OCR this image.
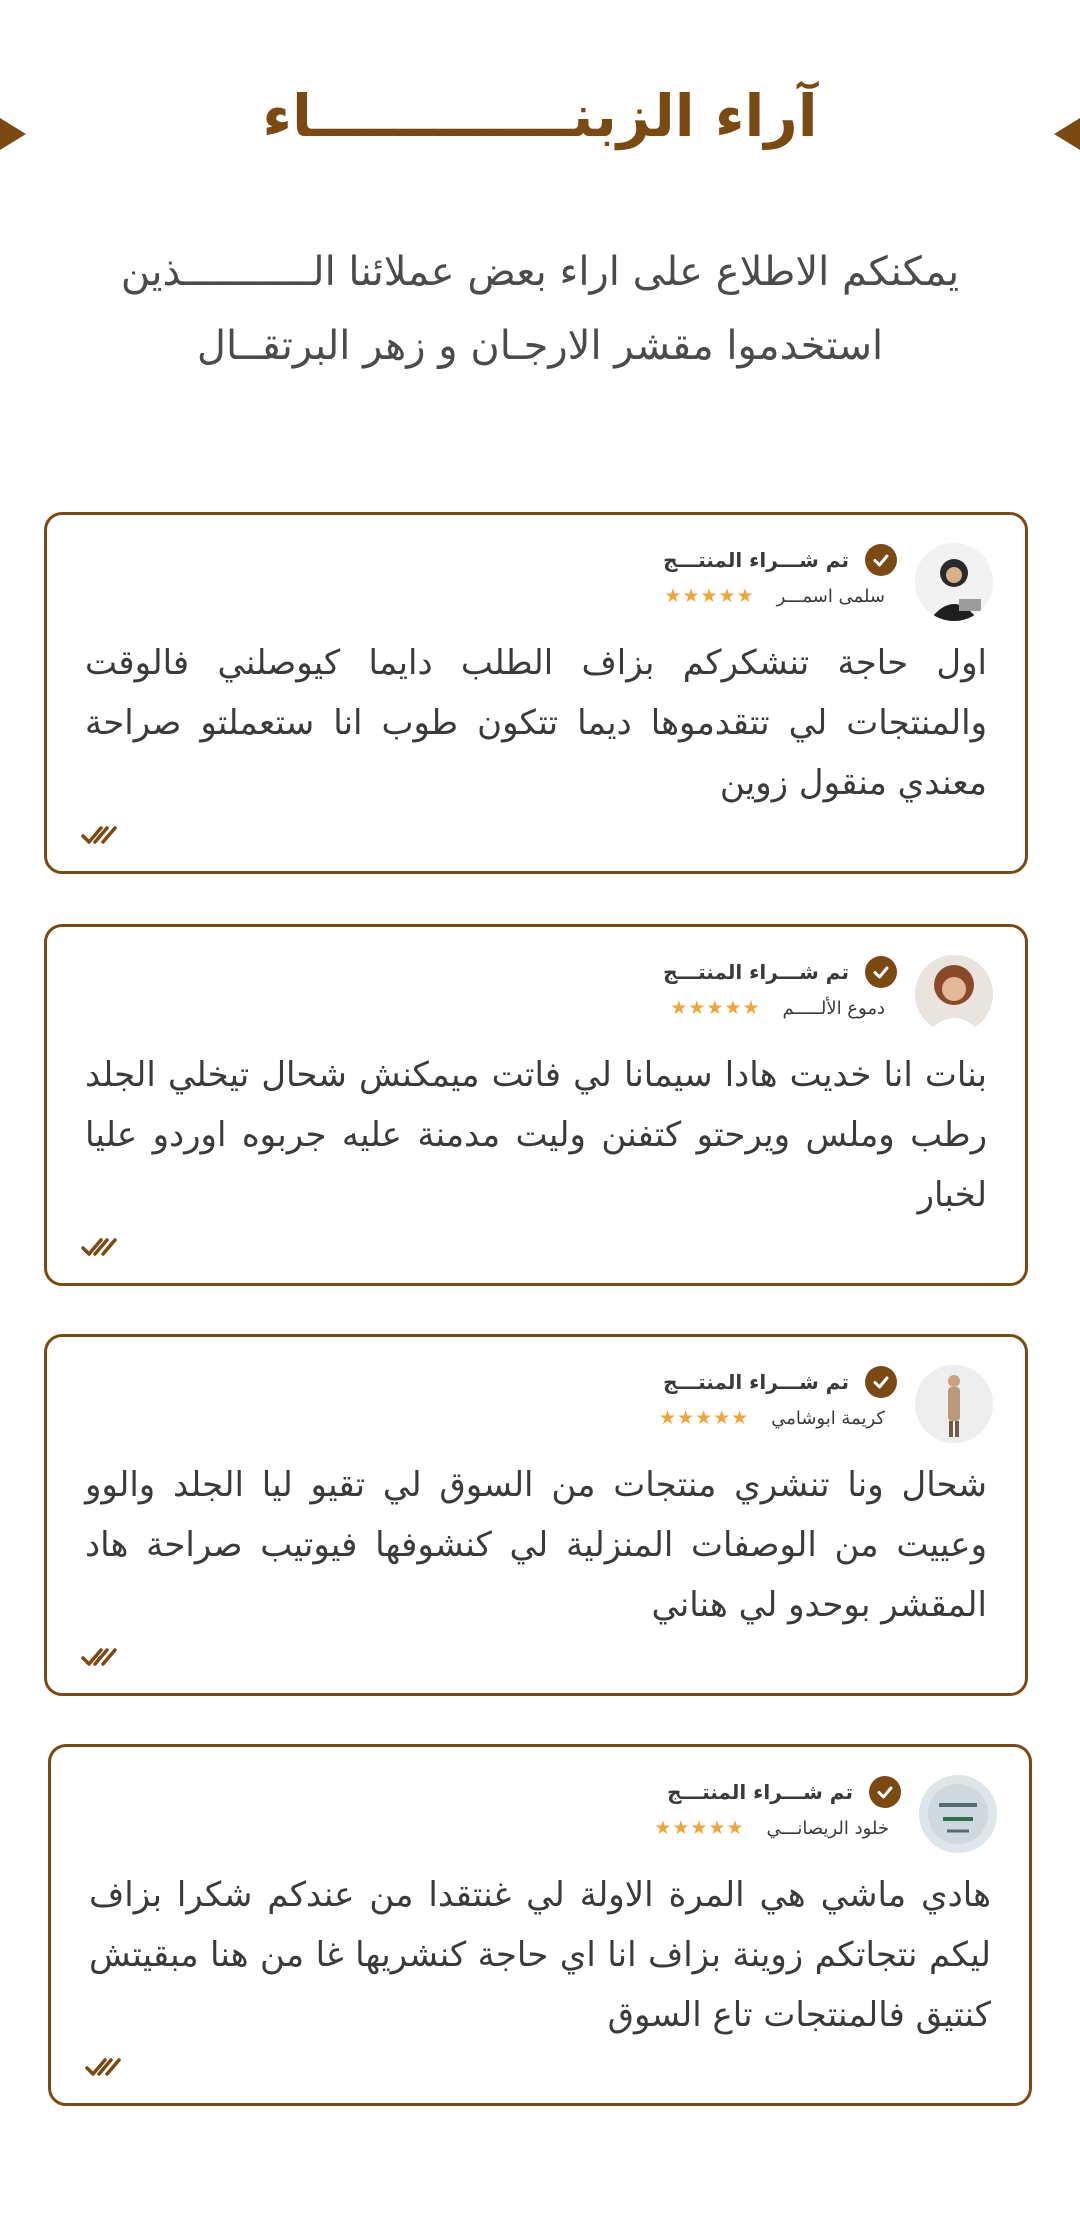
آراء الزبنـــــــــــــاء

يمكنكم الاطلاع على اراء بعض عملائنا الـــــــــــذين استخدموا مقشر الارجـان و زهر البرتقــال

تم شـــراء المنتـــج
سلمى اسمـــر
★★★★★

اول حاجة تنشكركم بزاف الطلب دايما كيوصلني فالوقت والمنتجات لي تتقدموها ديما تتكون طوب انا ستعملتو صراحة معندي منقول زوين

تم شـــراء المنتـــج
دموع الألـــــم
★★★★★

بنات انا خديت هادا سيمانا لي فاتت ميمكنش شحال تيخلي الجلد رطب وملس ويرحتو كتفنن وليت مدمنة عليه جربوه اوردو عليا لخبار

تم شـــراء المنتـــج
كريمة ابوشامي
★★★★★

شحال ونا تنشري منتجات من السوق لي تقيو ليا الجلد والوو وعييت من الوصفات المنزلية لي كنشوفها فيوتيب صراحة هاد المقشر بوحدو لي هناني

تم شـــراء المنتـــج
خلود الريصانـــي
★★★★★

هادي ماشي هي المرة الاولة لي غنتقدا من عندكم شكرا بزاف ليكم نتجاتكم زوينة بزاف انا اي حاجة كنشريها غا من هنا مبقيتش كنتيق فالمنتجات تاع السوق
